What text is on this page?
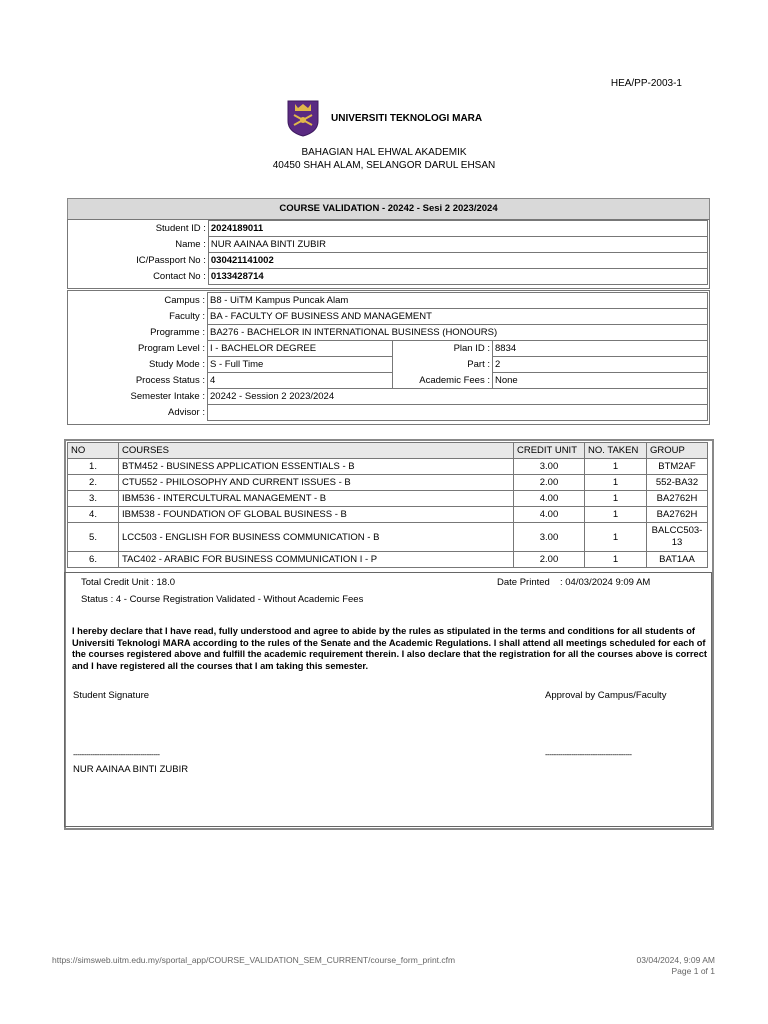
HEA/PP-2003-1
UNIVERSITI TEKNOLOGI MARA
BAHAGIAN HAL EHWAL AKADEMIK
40450 SHAH ALAM, SELANGOR DARUL EHSAN
COURSE VALIDATION - 20242 - Sesi 2 2023/2024
Student ID :	2024189011
Name :	NUR AAINAA BINTI ZUBIR
IC/Passport No :	030421141002
Contact No :	0133428714
Campus :	B8 - UiTM Kampus Puncak Alam		
Faculty :	BA - FACULTY OF BUSINESS AND MANAGEMENT		
Programme :	BA276 - BACHELOR IN INTERNATIONAL BUSINESS (HONOURS)		
Program Level :	I - BACHELOR DEGREE	Plan ID :	8834
Study Mode :	S - Full Time	Part :	2
Process Status :	4	Academic Fees :	None
Semester Intake :	20242 - Session 2 2023/2024		
Advisor :			
NO	COURSES	CREDIT UNIT	NO. TAKEN	GROUP
1.	BTM452 - BUSINESS APPLICATION ESSENTIALS - B	3.00	1	BTM2AF
2.	CTU552 - PHILOSOPHY AND CURRENT ISSUES - B	2.00	1	552-BA32
3.	IBM536 - INTERCULTURAL MANAGEMENT - B	4.00	1	BA2762H
4.	IBM538 - FOUNDATION OF GLOBAL BUSINESS - B	4.00	1	BA2762H
5.	LCC503 - ENGLISH FOR BUSINESS COMMUNICATION - B	3.00	1	BALCC503-
13
6.	TAC402 - ARABIC FOR BUSINESS COMMUNICATION I - P	2.00	1	BAT1AA
Total Credit Unit : 18.0	Date Printed : 04/03/2024 9:09 AM
Status : 4 - Course Registration Validated - Without Academic Fees
I hereby declare that I have read, fully understood and agree to abide by the rules as stipulated in the terms and conditions for all students of Universiti Teknologi MARA according to the rules of the Senate and the Academic Regulations. I shall attend all meetings scheduled for each of the courses registered above and fulfill the academic requirement therein. I also declare that the registration for all the courses above is correct and I have registered all the courses that I am taking this semester.
Student Signature	Approval by Campus/Faculty
----------------------------------------	----------------------------------------
NUR AAINAA BINTI ZUBIR
https://simsweb.uitm.edu.my/sportal_app/COURSE_VALIDATION_SEM_CURRENT/course_form_print.cfm	03/04/2024, 9:09 AM
Page 1 of 1
